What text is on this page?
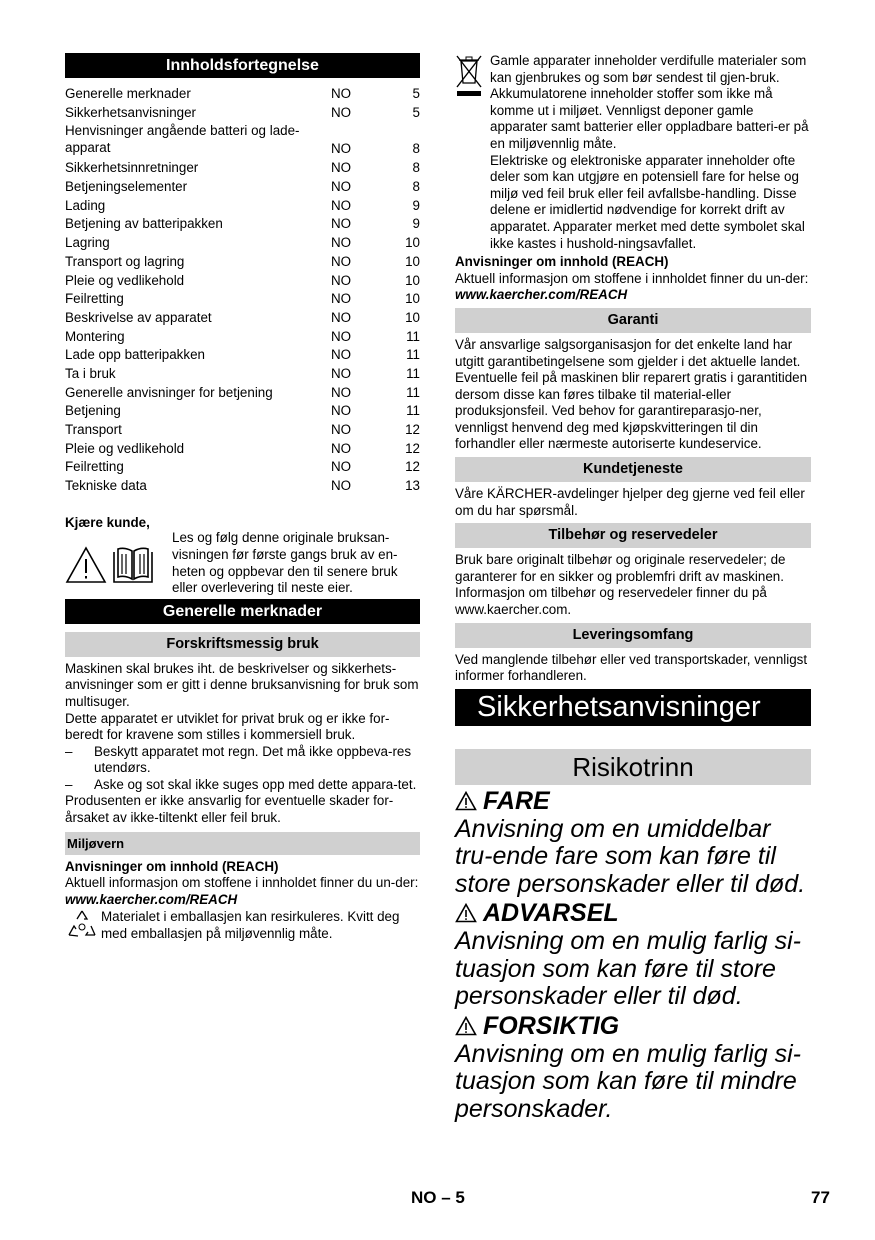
Innholdsfortegnelse
Generelle merknader	NO	5
Sikkerhetsanvisninger	NO	5
Henvisninger angående batteri og lade-apparat	NO	8
Sikkerhetsinnretninger	NO	8
Betjeningselementer	NO	8
Lading	NO	9
Betjening av batteripakken	NO	9
Lagring	NO	10
Transport og lagring	NO	10
Pleie og vedlikehold	NO	10
Feilretting	NO	10
Beskrivelse av apparatet	NO	10
Montering	NO	11
Lade opp batteripakken	NO	11
Ta i bruk	NO	11
Generelle anvisninger for betjening	NO	11
Betjening	NO	11
Transport	NO	12
Pleie og vedlikehold	NO	12
Feilretting	NO	12
Tekniske data	NO	13

Kjære kunde,

Les og følg denne originale bruksan-visningen før første gangs bruk av en-heten og oppbevar den til senere bruk eller overlevering til neste eier.

Generelle merknader
Forskriftsmessig bruk

Maskinen skal brukes iht. de beskrivelser og sikkerhets-anvisninger som er gitt i denne bruksanvisning for bruk som multisuger.

Dette apparatet er utviklet for privat bruk og er ikke for-beredt for kravene som stilles i kommersiell bruk.

–	Beskytt apparatet mot regn. Det må ikke oppbeva-res utendørs.
–	Aske og sot skal ikke suges opp med dette appara-tet.

Produsenten er ikke ansvarlig for eventuelle skader for-årsaket av ikke-tiltenkt eller feil bruk.

Miljøvern

Anvisninger om innhold (REACH)

Aktuell informasjon om stoffene i innholdet finner du un-der:

www.kaercher.com/REACH

Materialet i emballasjen kan resirkuleres. Kvitt deg med emballasjen på miljøvennlig måte.

Gamle apparater inneholder verdifulle materialer som kan gjenbrukes og som bør sendest til gjen-bruk. Akkumulatorene inneholder stoffer som ikke må komme ut i miljøet. Vennligst deponer gamle apparater samt batterier eller oppladbare batteri-er på en miljøvennlig måte.

Elektriske og elektroniske apparater inneholder ofte deler som kan utgjøre en potensiell fare for helse og miljø ved feil bruk eller feil avfallsbe-handling. Disse delene er imidlertid nødvendige for korrekt drift av apparatet. Apparater merket med dette symbolet skal ikke kastes i hushold-ningsavfallet.

Anvisninger om innhold (REACH)

Aktuell informasjon om stoffene i innholdet finner du un-der:

www.kaercher.com/REACH

Garanti

Vår ansvarlige salgsorganisasjon for det enkelte land har utgitt garantibetingelsene som gjelder i det aktuelle landet. Eventuelle feil på maskinen blir reparert gratis i garantitiden dersom disse kan føres tilbake til material-eller produksjonsfeil. Ved behov for garantireparasjo-ner, vennligst henvend deg med kjøpskvitteringen til din forhandler eller nærmeste autoriserte kundeservice.

Kundetjeneste

Våre KÄRCHER-avdelinger hjelper deg gjerne ved feil eller om du har spørsmål.

Tilbehør og reservedeler

Bruk bare originalt tilbehør og originale reservedeler; de garanterer for en sikker og problemfri drift av maskinen. Informasjon om tilbehør og reservedeler finner du på www.kaercher.com.

Leveringsomfang

Ved manglende tilbehør eller ved transportskader, vennligst informer forhandleren.

Sikkerhetsanvisninger
Risikotrinn
FARE

Anvisning om en umiddelbar tru-ende fare som kan føre til store personskader eller til død.

ADVARSEL

Anvisning om en mulig farlig si-tuasjon som kan føre til store personskader eller til død.

FORSIKTIG

Anvisning om en mulig farlig si-tuasjon som kan føre til mindre personskader.

NO – 5	77
